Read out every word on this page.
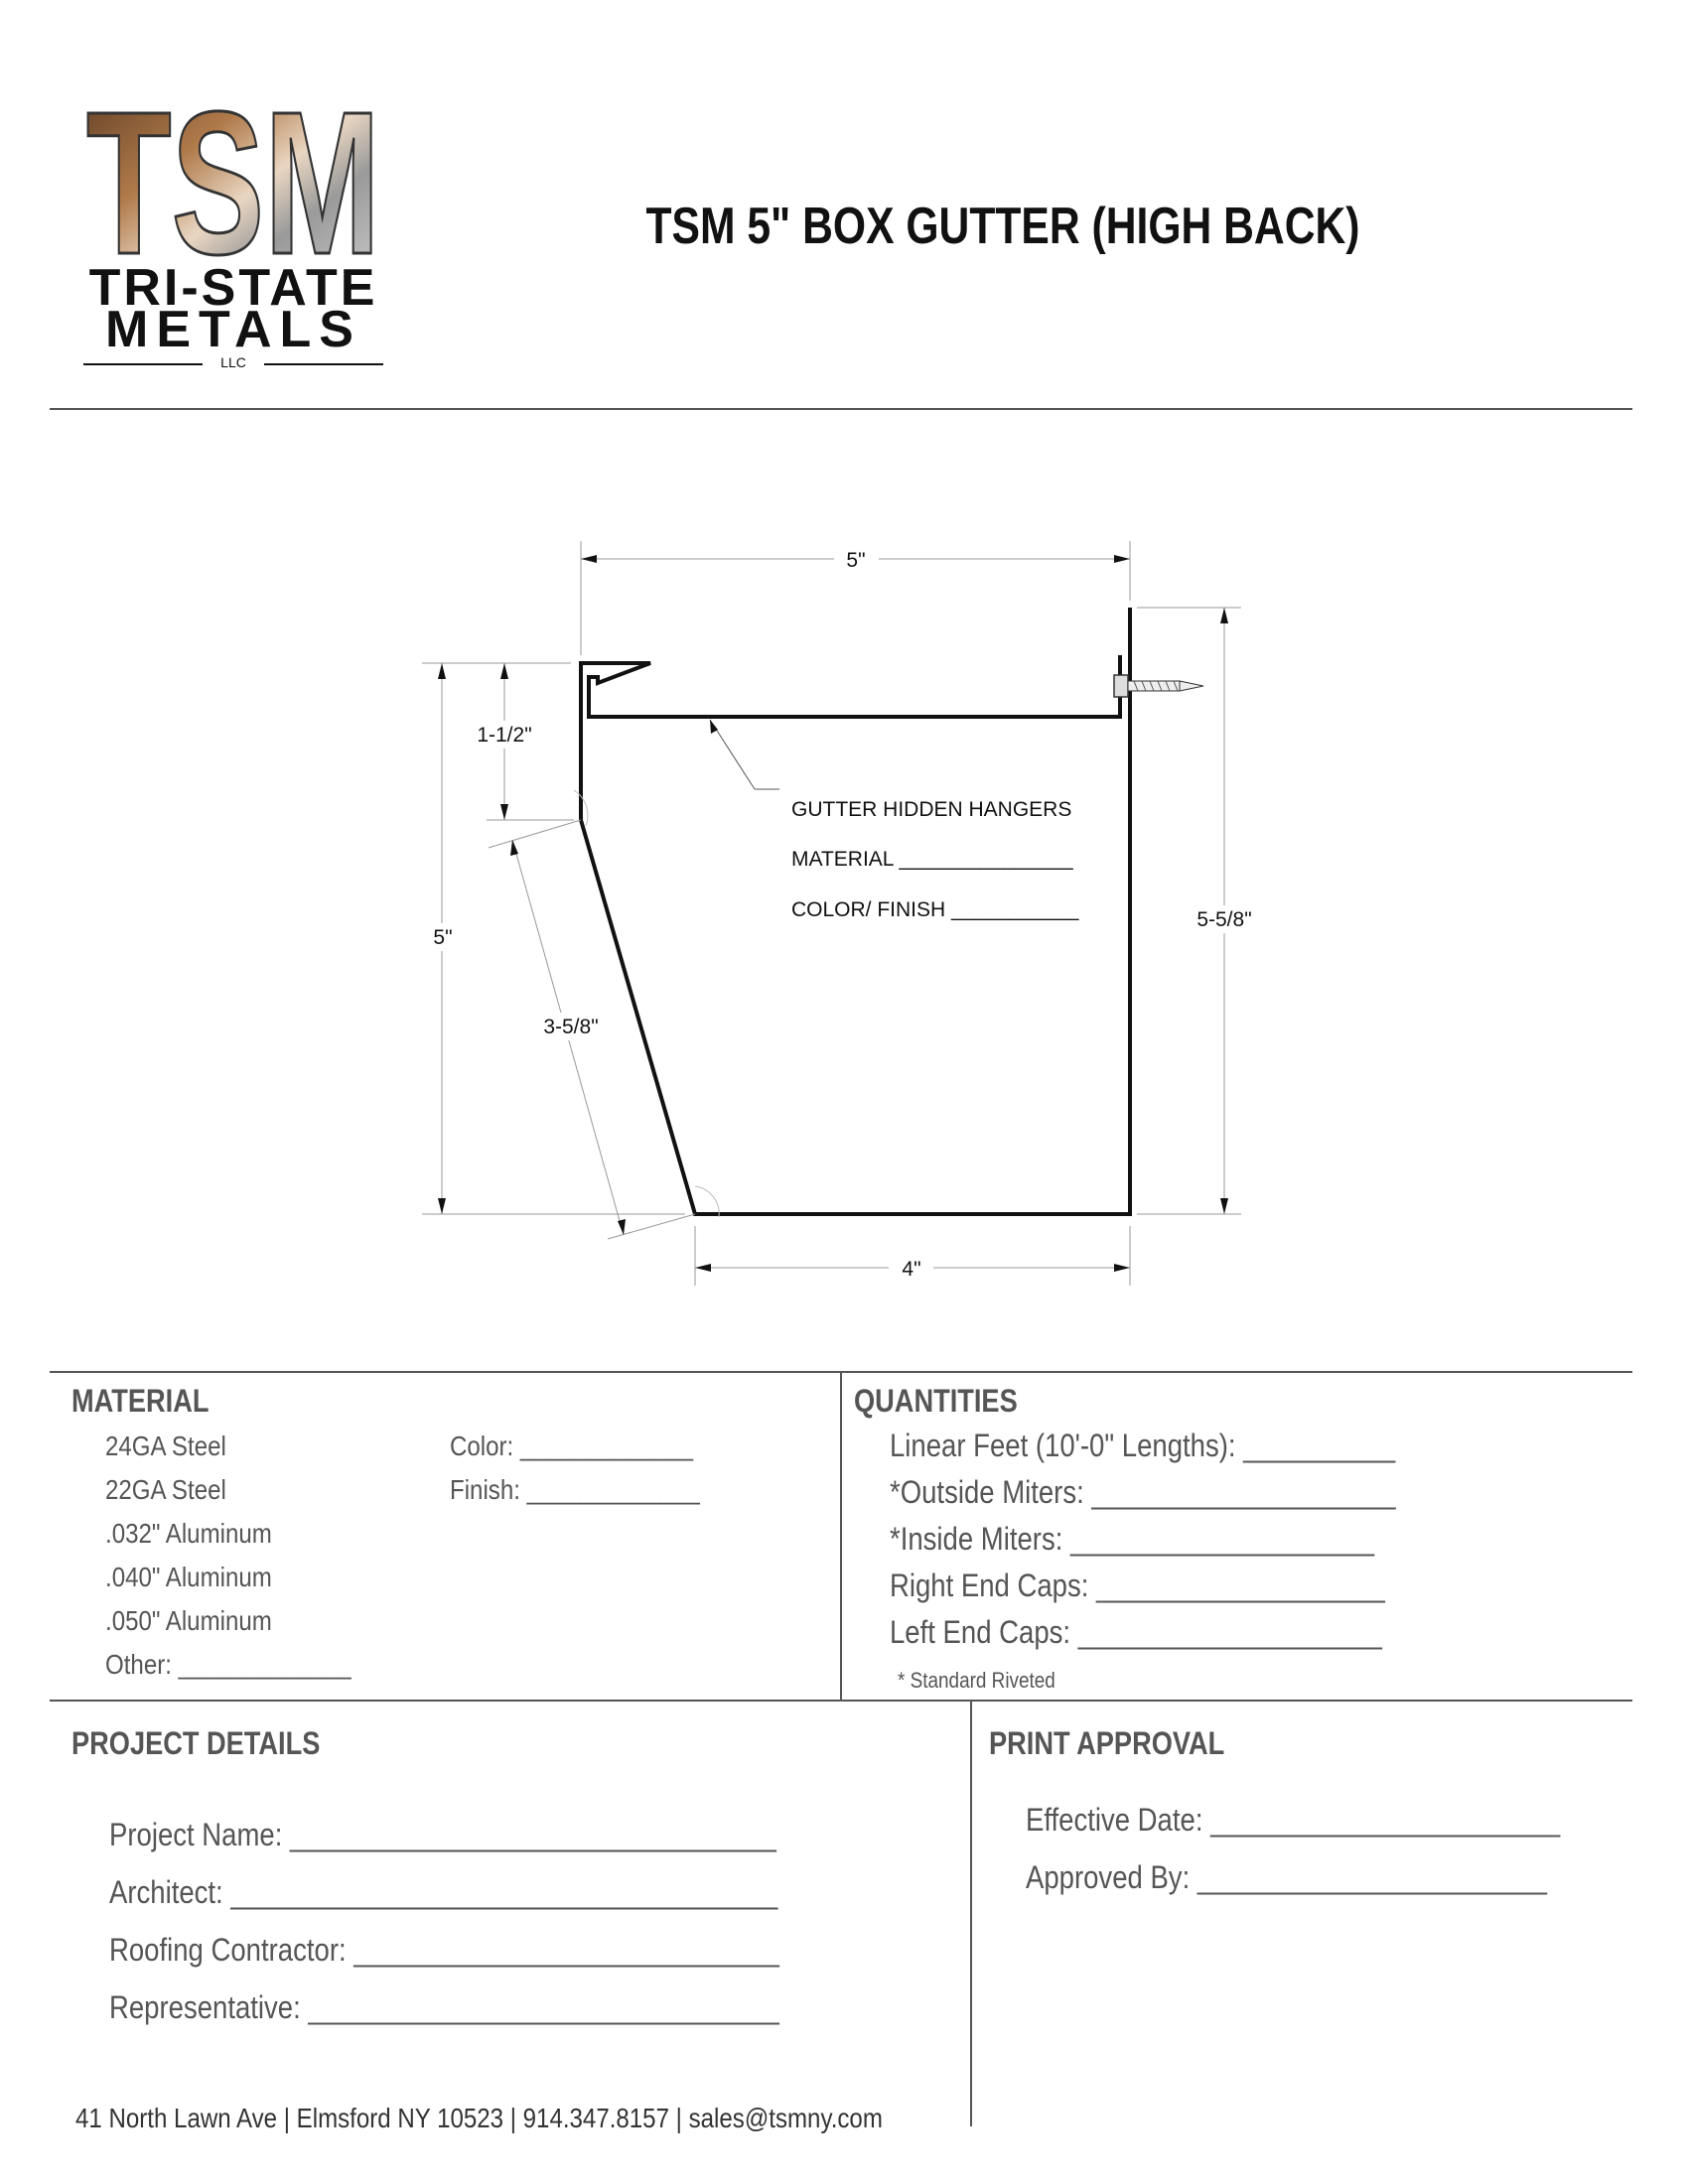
TSM
TRI-STATE
METALS
LLC
TSM 5" BOX GUTTER (HIGH BACK)
5"
4"
5"
1-1/2"
3-5/8"
5-5/8"
GUTTER HIDDEN HANGERS
MATERIAL _______________
COLOR/ FINISH ___________
MATERIAL
24GA Steel
22GA Steel
.032" Aluminum
.040" Aluminum
.050" Aluminum
Other: _____________
Color: _____________
Finish: _____________
QUANTITIES
Linear Feet (10'-0" Lengths): __________
*Outside Miters: ____________________
*Inside Miters: ____________________
Right End Caps: ___________________
Left End Caps: ____________________
* Standard Riveted
PROJECT DETAILS
Project Name: ________________________________
Architect: ____________________________________
Roofing Contractor: ____________________________
Representative: _______________________________
PRINT APPROVAL
Effective Date: _______________________
Approved By: _______________________
41 North Lawn Ave | Elmsford NY 10523 | 914.347.8157 | sales@tsmny.com
